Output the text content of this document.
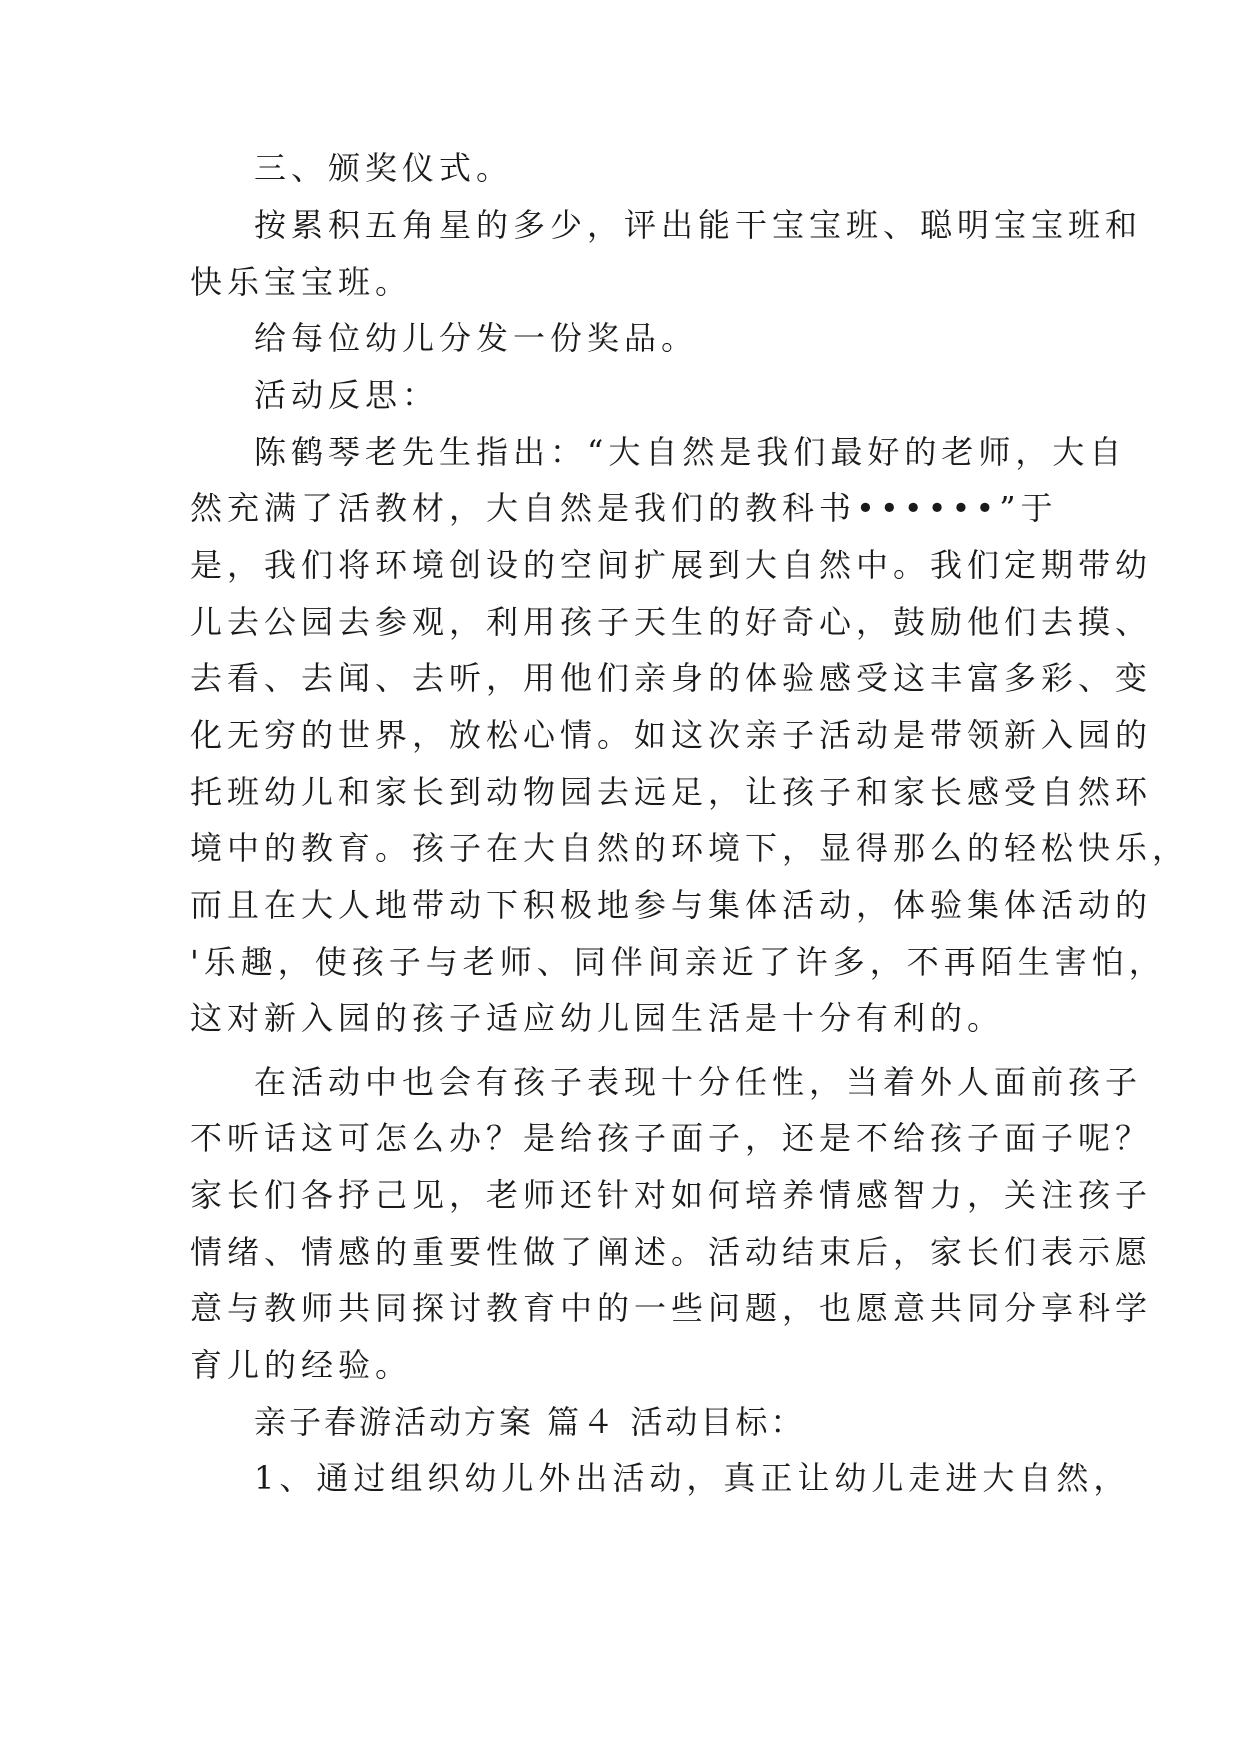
三、颁奖仪式。
按累积五角星的多少，评出能干宝宝班、聪明宝宝班和
快乐宝宝班。
给每位幼儿分发一份奖品。
活动反思：
陈鹤琴老先生指出：“大自然是我们最好的老师，大自
然充满了活教材，大自然是我们的教科书••••••”于
是，我们将环境创设的空间扩展到大自然中。我们定期带幼
儿去公园去参观，利用孩子天生的好奇心，鼓励他们去摸、
去看、去闻、去听，用他们亲身的体验感受这丰富多彩、变
化无穷的世界，放松心情。如这次亲子活动是带领新入园的
托班幼儿和家长到动物园去远足，让孩子和家长感受自然环
境中的教育。孩子在大自然的环境下，显得那么的轻松快乐，
而且在大人地带动下积极地参与集体活动，体验集体活动的
'乐趣，使孩子与老师、同伴间亲近了许多，不再陌生害怕，
这对新入园的孩子适应幼儿园生活是十分有利的。
在活动中也会有孩子表现十分任性，当着外人面前孩子
不听话这可怎么办？是给孩子面子，还是不给孩子面子呢？
家长们各抒己见，老师还针对如何培养情感智力，关注孩子
情绪、情感的重要性做了阐述。活动结束后，家长们表示愿
意与教师共同探讨教育中的一些问题，也愿意共同分享科学
育儿的经验。
亲子春游活动方案 篇４ 活动目标：
1、通过组织幼儿外出活动，真正让幼儿走进大自然，
